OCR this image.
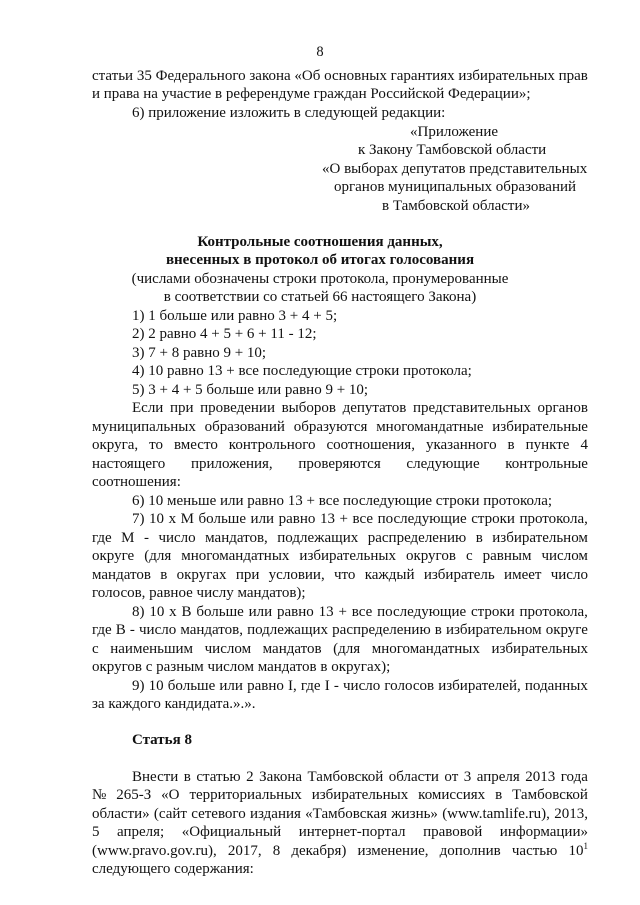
8
статьи 35 Федерального закона «Об основных гарантиях избирательных прав
и права на участие в референдуме граждан Российской Федерации»;
6) приложение изложить в следующей редакции:
«Приложение
к Закону Тамбовской области
«О выборах депутатов представительных
органов муниципальных образований
в Тамбовской области»
Контрольные соотношения данных,
внесенных в протокол об итогах голосования
(числами обозначены строки протокола, пронумерованные
в соответствии со статьей 66 настоящего Закона)
1) 1 больше или равно 3 + 4 + 5;
2) 2 равно 4 + 5 + 6 + 11 - 12;
3) 7 + 8 равно 9 + 10;
4) 10 равно 13 + все последующие строки протокола;
5) 3 + 4 + 5 больше или равно 9 + 10;
Если при проведении выборов депутатов представительных органов
муниципальных образований образуются многомандатные избирательные
округа, то вместо контрольного соотношения, указанного в пункте 4
настоящего приложения, проверяются следующие контрольные
соотношения:
6) 10 меньше или равно 13 + все последующие строки протокола;
7) 10 х М больше или равно 13 + все последующие строки протокола,
где М - число мандатов, подлежащих распределению в избирательном
округе (для многомандатных избирательных округов с равным числом
мандатов в округах при условии, что каждый избиратель имеет число
голосов, равное числу мандатов);
8) 10 х В больше или равно 13 + все последующие строки протокола,
где В - число мандатов, подлежащих распределению в избирательном округе
с наименьшим числом мандатов (для многомандатных избирательных
округов с разным числом мандатов в округах);
9) 10 больше или равно I, где I - число голосов избирателей, поданных
за каждого кандидата.».».
Статья 8
Внести в статью 2 Закона Тамбовской области от 3 апреля 2013 года
№ 265-З «О территориальных избирательных комиссиях в Тамбовской
области» (сайт сетевого издания «Тамбовская жизнь» (www.tamlife.ru), 2013,
5 апреля; «Официальный интернет-портал правовой информации»
(www.pravo.gov.ru), 2017, 8 декабря) изменение, дополнив частью $10^1$
следующего содержания:
